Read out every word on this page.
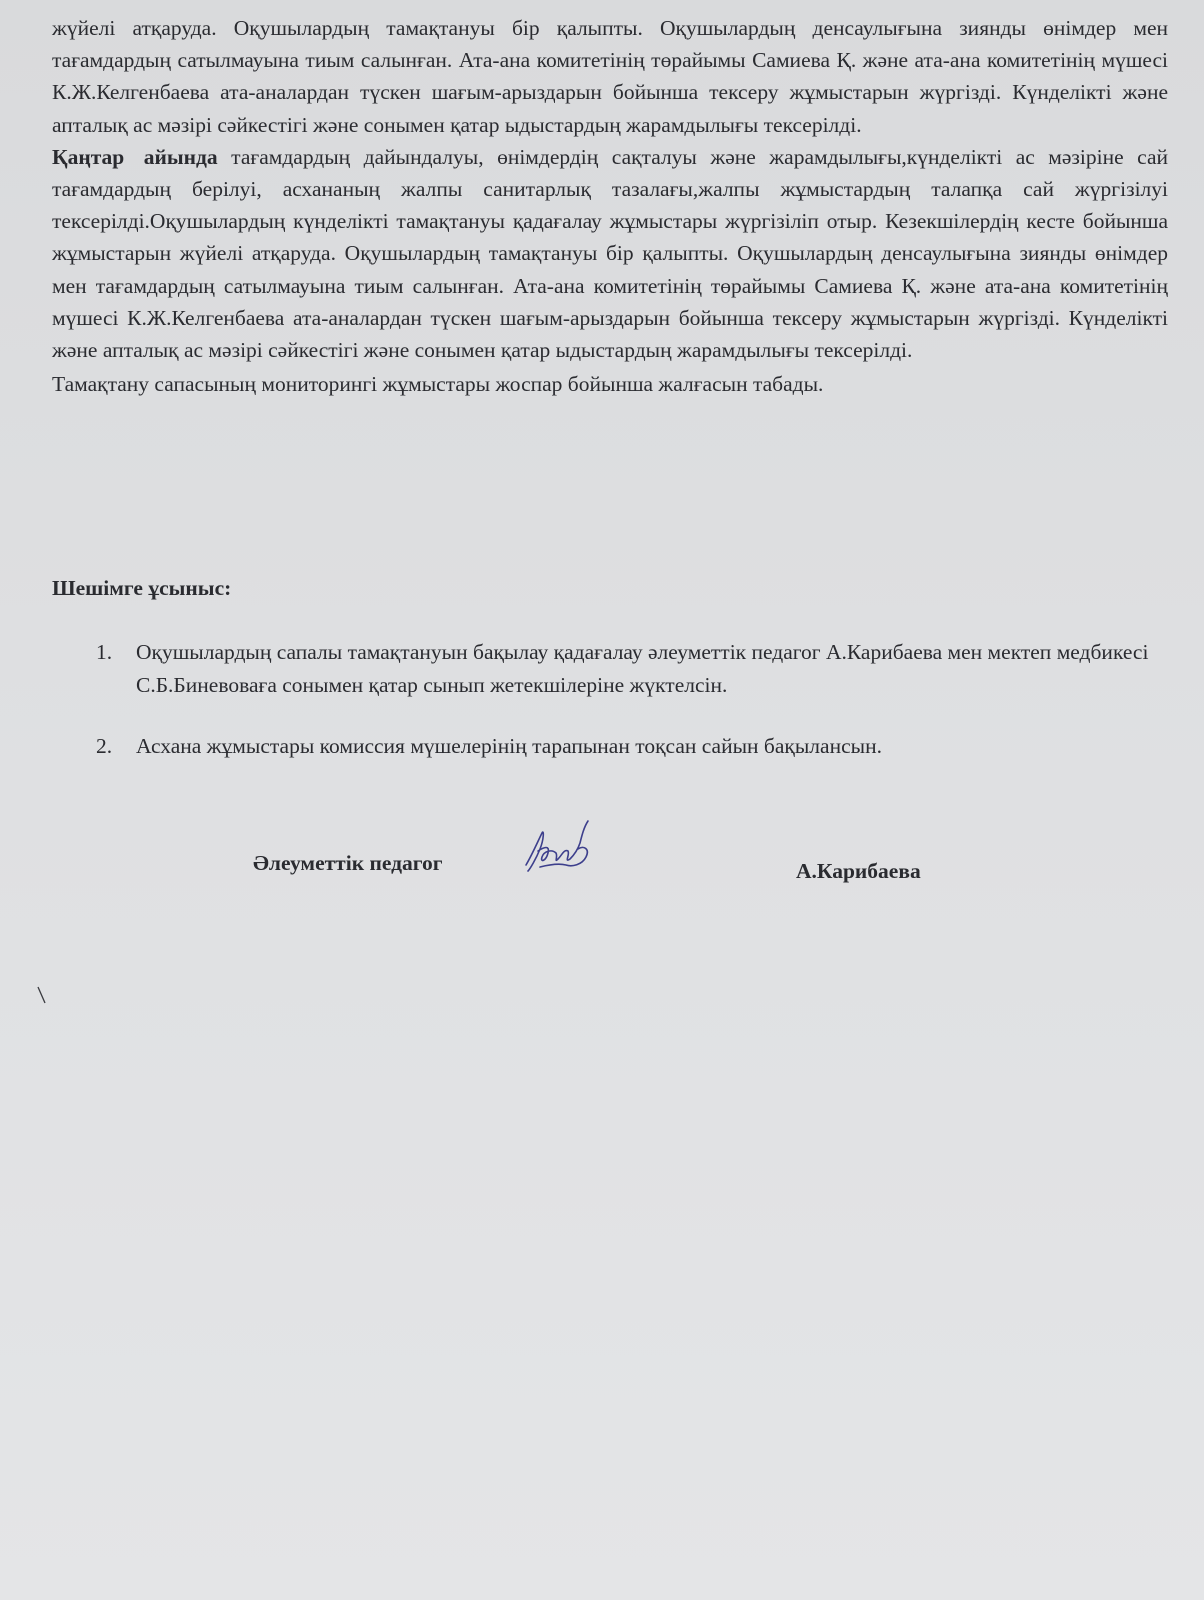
жүйелі атқаруда. Оқушылардың тамақтануы бір қалыпты. Оқушылардың денсаулығына зиянды өнімдер мен тағамдардың сатылмауына тиым салынған. Ата-ана комитетінің төрайымы Самиева Қ. және ата-ана комитетінің мүшесі К.Ж.Келгенбаева ата-аналардан түскен шағым-арыздарын бойынша тексеру жұмыстарын жүргізді. Күнделікті және апталық ас мәзірі сәйкестігі және сонымен қатар ыдыстардың жарамдылығы тексерілді.

Қаңтар айында тағамдардың дайындалуы, өнімдердің сақталуы және жарамдылығы,күнделікті ас мәзіріне сай тағамдардың берілуі, асхананың жалпы санитарлық тазалағы,жалпы жұмыстардың талапқа сай жүргізілуі тексерілді.Оқушылардың күнделікті тамақтануы қадағалау жұмыстары жүргізіліп отыр. Кезекшілердің кесте бойынша жұмыстарын жүйелі атқаруда. Оқушылардың тамақтануы бір қалыпты. Оқушылардың денсаулығына зиянды өнімдер мен тағамдардың сатылмауына тиым салынған. Ата-ана комитетінің төрайымы Самиева Қ. және ата-ана комитетінің мүшесі К.Ж.Келгенбаева ата-аналардан түскен шағым-арыздарын бойынша тексеру жұмыстарын жүргізді. Күнделікті және апталық ас мәзірі сәйкестігі және сонымен қатар ыдыстардың жарамдылығы тексерілді.

Тамақтану сапасының мониторингі жұмыстары жоспар бойынша жалғасын табады.

Шешімге ұсыныс:
1.	Оқушылардың сапалы тамақтануын бақылау қадағалау әлеуметтік педагог А.Карибаева мен мектеп медбикесі С.Б.Биневоваға сонымен қатар сынып жетекшілеріне жүктелсін.
2.	Асхана жұмыстары комиссия мүшелерінің тарапынан тоқсан сайын бақылансын.
Әлеуметтік педагог	А.Карибаева
